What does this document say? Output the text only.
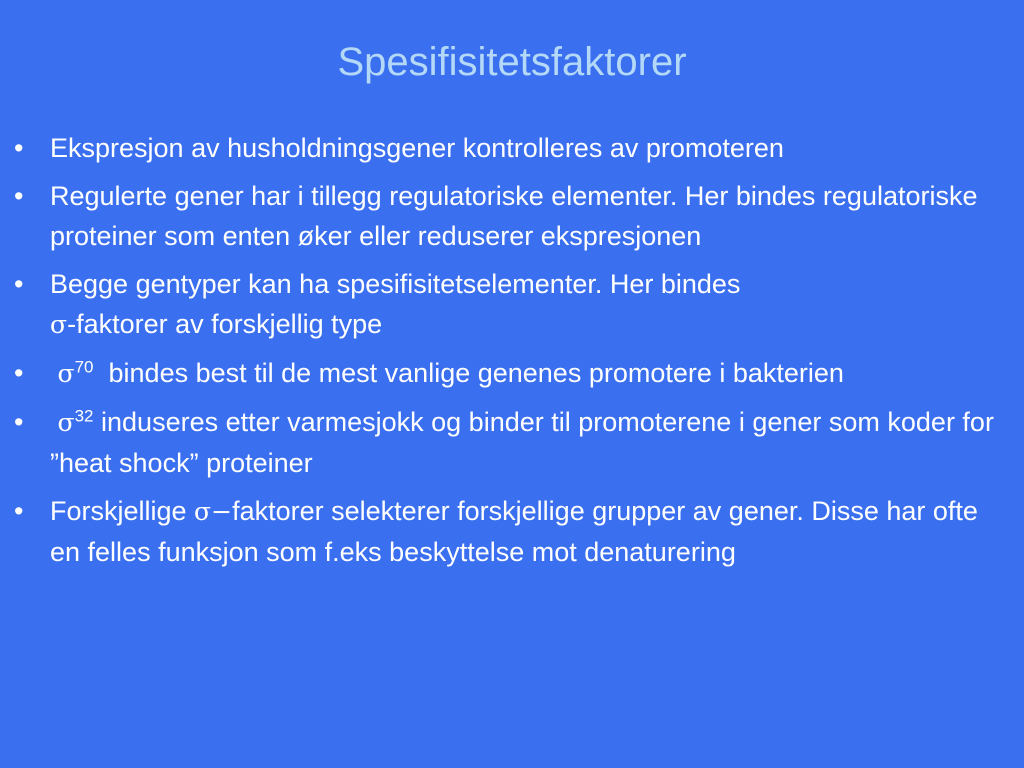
Spesifisitetsfaktorer
• Ekspresjon av husholdningsgener kontrolleres av promoteren
• Regulerte gener har i tillegg regulatoriske elementer. Her bindes regulatoriske proteiner som enten øker eller reduserer ekspresjonen
• Begge gentyper kan ha spesifisitetselementer. Her bindes
σ-faktorer av forskjellig type
•	$\sigma^{70}$  bindes best til de mest vanlige genenes promotere i bakterien
•	$\sigma^{32}$ induseres etter varmesjokk og binder til promoterene i gener som koder for ”heat shock” proteiner
• Forskjellige σ−faktorer selekterer forskjellige grupper av gener. Disse har ofte en felles funksjon som f.eks beskyttelse mot denaturering
